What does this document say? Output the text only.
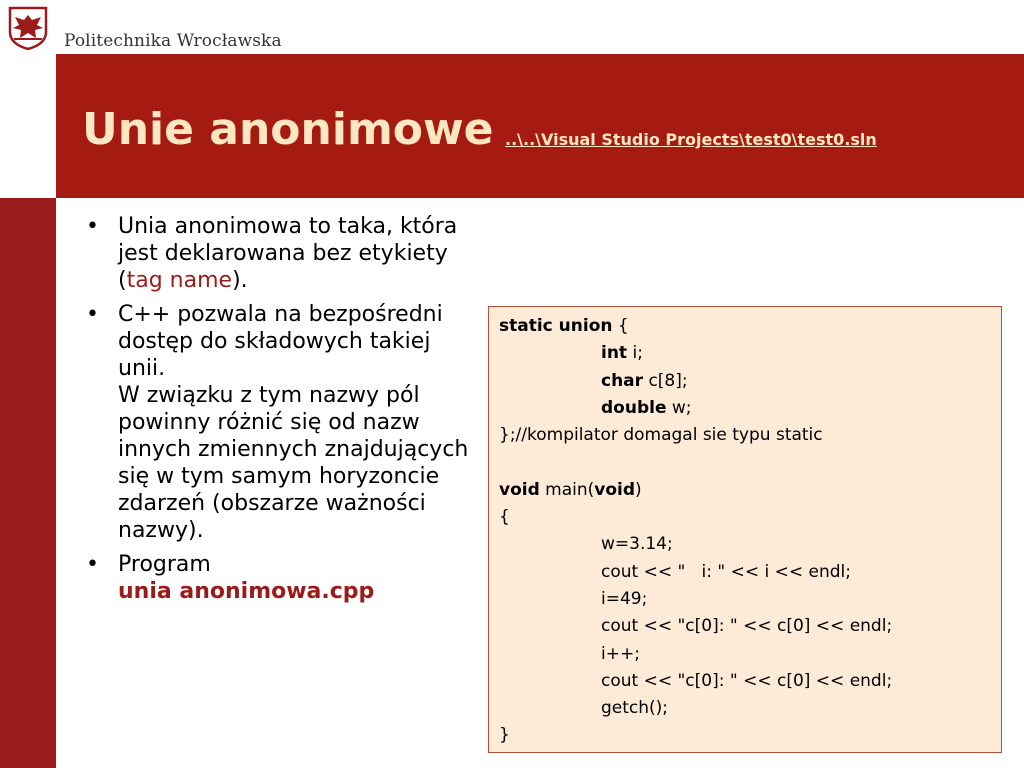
Politechnika Wrocławska
Unie anonimowe ..\..\Visual Studio Projects\test0\test0.sln
• Unia anonimowa to taka, która jest deklarowana bez etykiety (tag name).
• C++ pozwala na bezpośredni dostęp do składowych takiej unii.
W związku z tym nazwy pól powinny różnić się od nazw innych zmiennych znajdujących się w tym samym horyzoncie zdarzeń (obszarze ważności nazwy).
• Program
unia anonimowa.cpp
static union {
int i;
char c[8];
double w;
};//kompilator domagal sie typu static
void main(void)
{
w=3.14;
cout << "   i: " << i << endl;
i=49;
cout << "c[0]: " << c[0] << endl;
i++;
cout << "c[0]: " << c[0] << endl;
getch();
}
